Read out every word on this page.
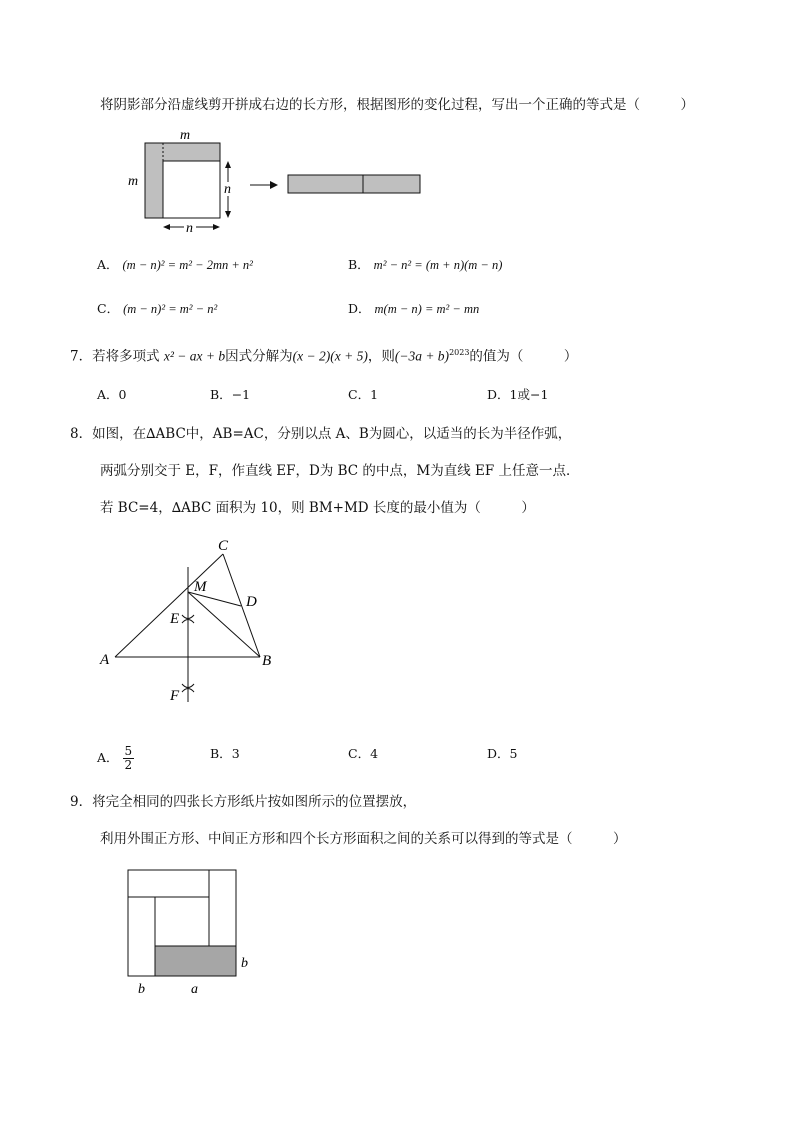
将阴影部分沿虚线剪开拼成右边的长方形，根据图形的变化过程，写出一个正确的等式是（　　　）
m
m
n
n
A． (m − n)² = m² − 2mn + n²	B． m² − n² = (m + n)(m − n)
C． (m − n)² = m² − n²	D． m(m − n) = m² − mn
7．若将多项式 x² − ax + b因式分解为(x − 2)(x + 5)，则$(-3a + b)^{2023}$的值为（　　　）
A．0	B．−1	C．1	D．1或−1
8．如图，在∆ABC中，AB=AC，分别以点 A、B为圆心，以适当的长为半径作弧，
两弧分别交于 E，F，作直线 EF，D为 BC 的中点，M为直线 EF 上任意一点．
若 BC=4，∆ABC 面积为 10，则 BM+MD 长度的最小值为（　　　）
A	B
C
D
E
F
M
A． $\frac{5}{2}$	B．3	C．4	D．5
9．将完全相同的四张长方形纸片按如图所示的位置摆放，
利用外围正方形、中间正方形和四个长方形面积之间的关系可以得到的等式是（　　　）
b
b	a
